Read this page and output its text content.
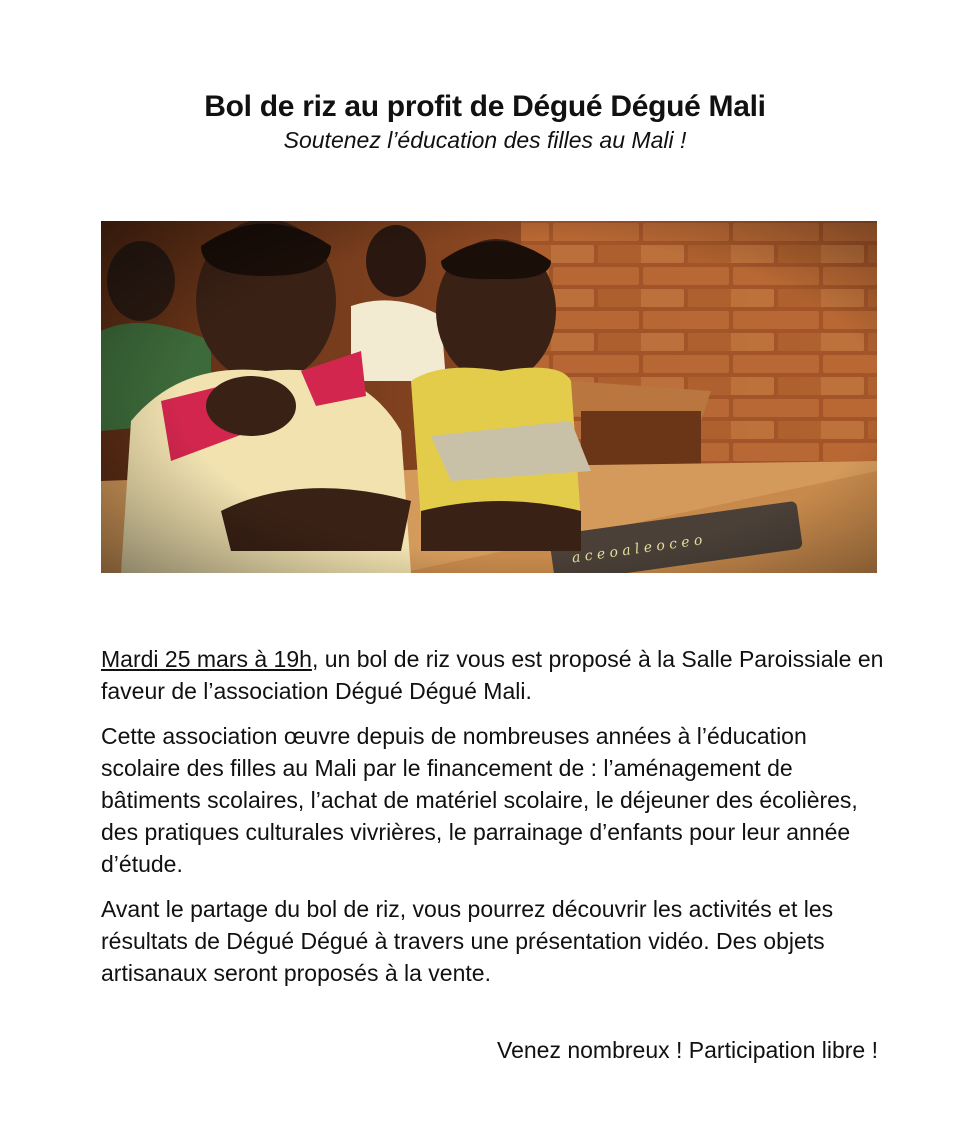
Bol de riz au profit de Dégué Dégué Mali
Soutenez l’éducation des filles au Mali !

Mardi 25 mars à 19h, un bol de riz vous est proposé à la Salle Paroissiale en faveur de l’association Dégué Dégué Mali.

Cette association œuvre depuis de nombreuses années à l’éducation scolaire des filles au Mali par le financement de : l’aménagement de bâtiments scolaires, l’achat de matériel scolaire, le déjeuner des écolières, des pratiques culturales vivrières, le parrainage d’enfants pour leur année d’étude.

Avant le partage du bol de riz, vous pourrez découvrir les activités et les résultats de Dégué Dégué à travers une présentation vidéo. Des objets artisanaux seront proposés à la vente.

Venez nombreux ! Participation libre !
